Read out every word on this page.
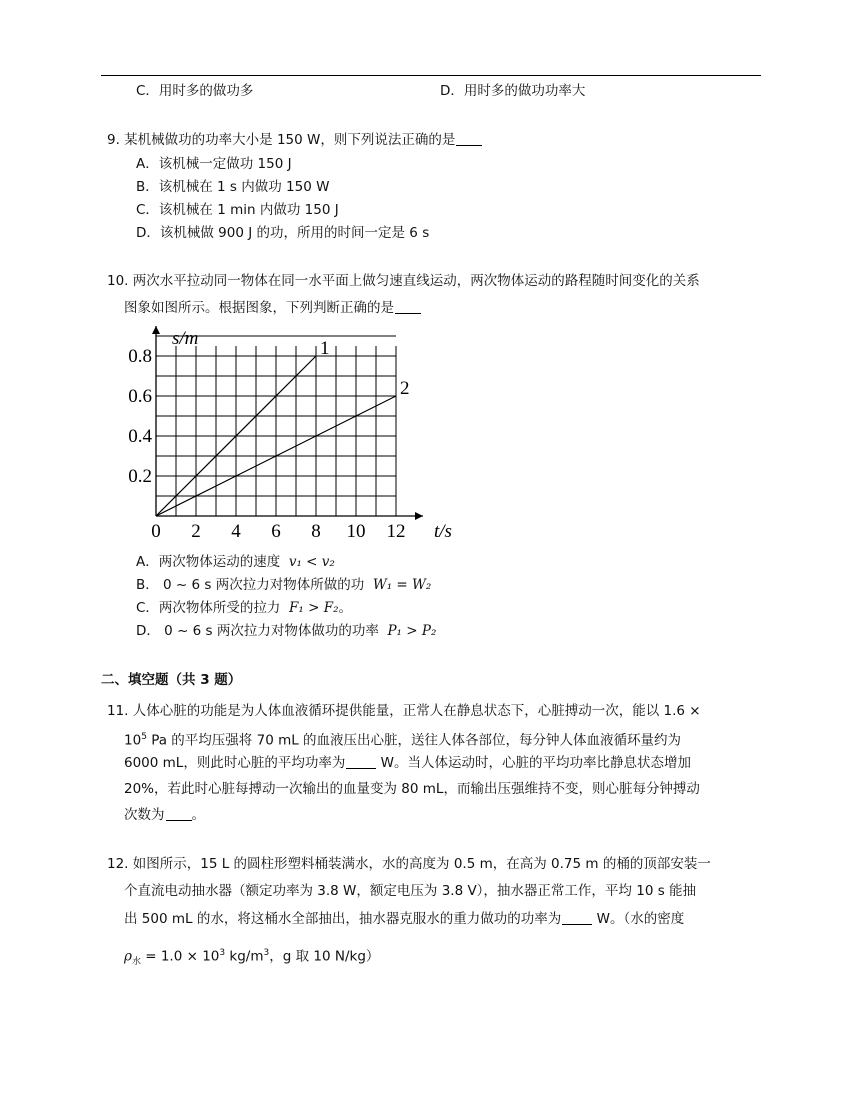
C．用时多的做功多	D．用时多的做功功率大
9. 某机械做功的功率大小是 150 W，则下列说法正确的是
A．该机械一定做功 150 J
B．该机械在 1 s 内做功 150 W
C．该机械在 1 min 内做功 150 J
D．该机械做 900 J 的功，所用的时间一定是 6 s
10. 两次水平拉动同一物体在同一水平面上做匀速直线运动，两次物体运动的路程随时间变化的关系
图象如图所示。根据图象，下列判断正确的是
0 2 4 6 8 10 12
0.2
0.4
0.6
0.8	1
2
s/m
t/s
A．两次物体运动的速度 v₁ < v₂
B． 0 ~ 6 s 两次拉力对物体所做的功 W₁ = W₂
C．两次物体所受的拉力 F₁ > F₂。
D． 0 ~ 6 s 两次拉力对物体做功的功率 P₁ > P₂
二、填空题（共 3 题）
11. 人体心脏的功能是为人体血液循环提供能量，正常人在静息状态下，心脏搏动一次，能以 1.6 ×
$10^5$ Pa 的平均压强将 70 mL 的血液压出心脏，送往人体各部位，每分钟人体血液循环量约为
6000 mL，则此时心脏的平均功率为 W。当人体运动时，心脏的平均功率比静息状态增加
20%，若此时心脏每搏动一次输出的血量变为 80 mL，而输出压强维持不变，则心脏每分钟搏动
次数为 。
12. 如图所示，15 L 的圆柱形塑料桶装满水，水的高度为 0.5 m，在高为 0.75 m 的桶的顶部安装一
个直流电动抽水器（额定功率为 3.8 W，额定电压为 3.8 V），抽水器正常工作，平均 10 s 能抽
出 500 mL 的水，将这桶水全部抽出，抽水器克服水的重力做功的功率为 W。（水的密度
$\rho_水 = 1.0 \times 10^3$ $kg/m^3$，g 取 10 N/kg）
